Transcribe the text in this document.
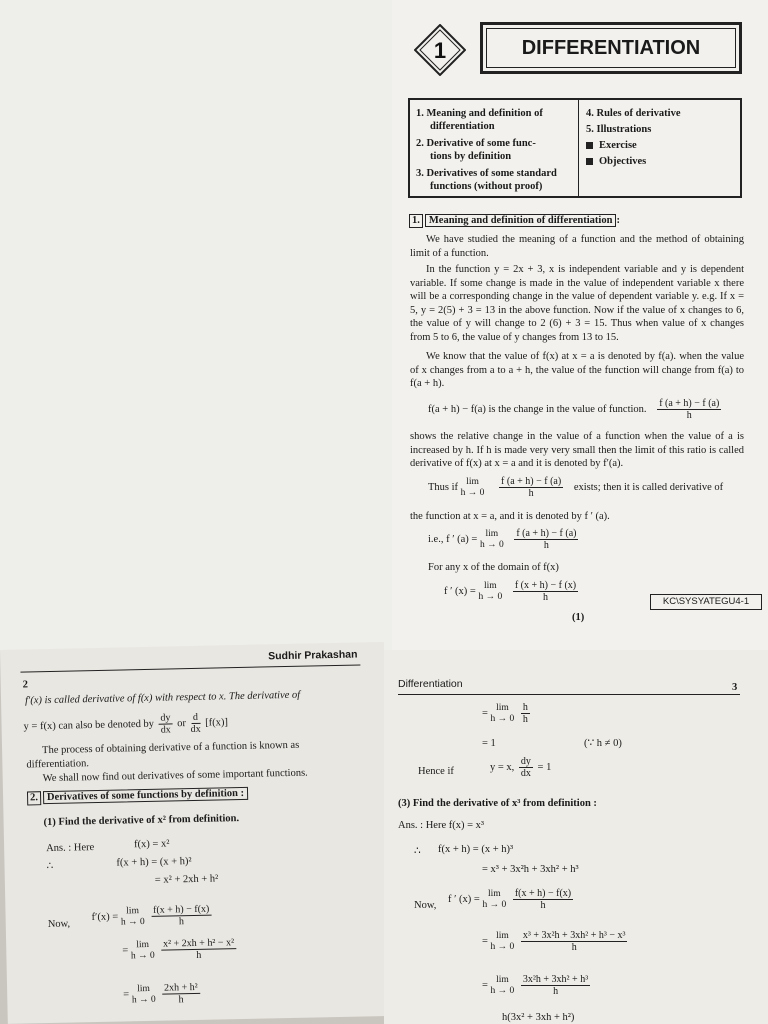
1	DIFFERENTIATION
1. Meaning and definition of
differentiation
2. Derivative of some func-
tions by definition
3. Derivatives of some standard
functions (without proof)
4. Rules of derivative
5. Illustrations
Exercise
Objectives
1. Meaning and definition of differentiation :
We have studied the meaning of a function and the method of obtaining limit of a function.
In the function y = 2x + 3, x is independent variable and y is dependent variable. If some change is made in the value of independent variable x there will be a corresponding change in the value of dependent variable y. e.g. If x = 5, y = 2(5) + 3 = 13 in the above function. Now if the value of x changes to 6, the value of y will change to 2 (6) + 3 = 15. Thus when value of x changes from 5 to 6, the value of y changes from 13 to 15.
We know that the value of f(x) at x = a is denoted by f(a). when the value of x changes from a to a + h, the value of the function will change from f(a) to f(a + h).
f(a + h) − f(a) is the change in the value of function. $\frac{f (a + h) - f (a)}{h}$
shows the relative change in the value of a function when the value of a is increased by h. If h is made very very small then the limit of this ratio is called derivative of f(x) at x = a and it is denoted by f′(a).
Thus if
lim
h → 0
$\frac{f (a + h) - f (a)}{h}$ exists; then it is called derivative of
the function at x = a, and it is denoted by f ′ (a).
i.e., f ′ (a) =
lim
h → 0
$\frac{f (a + h) - f (a)}{h}$
For any x of the domain of f(x)
f ′ (x) =
lim
h → 0
$\frac{f (x + h) - f (x)}{h}$
(1)
KC\SYSYATEGU4-1
Sudhir Prakashan
2
f′(x) is called derivative of f(x) with respect to x. The derivative of
y = f(x) can also be denoted by $\frac{dy}{dx}$ or $\frac{d}{dx} [f(x)]$
The process of obtaining derivative of a function is known as
differentiation.
We shall now find out derivatives of some important functions.
2. Derivatives of some functions by definition :
(1) Find the derivative of x² from definition.
Ans. : Here	f(x) = x²
∴	f(x + h) = (x + h)²
= x² + 2xh + h²
Now,
f′(x) =
lim
h → 0
$\frac{f(x + h) - f(x)}{h}$
=
lim
h → 0
$\frac{\text{x² + 2xh + h² − x²}}{h}$
=
lim
h → 0
$\frac{\text{2xh + h²}}{h}$
Differentiation	3
=
lim
h → 0
$\frac{h}{h}$
= 1	(∵ h ≠ 0)
Hence if	y = x, $\frac{dy}{dx} = 1$
(3) Find the derivative of x³ from definition :
Ans. : Here f(x) = x³
∴ f(x + h) = (x + h)³
= x³ + 3x²h + 3xh² + h³
Now,
f ′ (x) =
lim
h → 0
$\frac{f(x + h) - f(x)}{h}$
=
lim
h → 0
$\frac{\text{x³ + 3x²h + 3xh² + h³ − x³}}{h}$
=
lim
h → 0
$\frac{\text{3x²h + 3xh² + h³}}{h}$
h(3x² + 3xh + h²)
